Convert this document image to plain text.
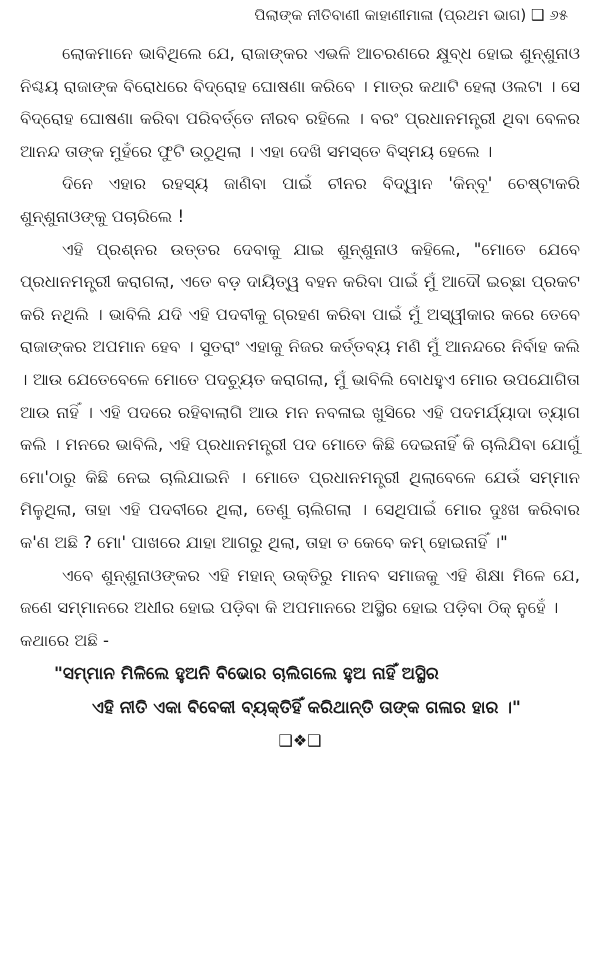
ପିଲାଙ୍କ ନୀତିବାଣୀ କାହାଣୀମାଳା (ପ୍ରଥମ ଭାଗ) ❑ ୬୫

ଲୋକମାନେ ଭାବିଥିଲେ ଯେ, ରାଜାଙ୍କର ଏଭଳି ଆଚରଣରେ କ୍ଷୁବ୍ଧ ହୋଇ ଶୁନ୍‌ଶୁନାଓ ନିଶ୍ଚୟ ରାଜାଙ୍କ ବିରୋଧରେ ବିଦ୍ରୋହ ଘୋଷଣା କରିବେ । ମାତ୍ର କଥାଟି ହେଲା ଓଲଟା । ସେ ବିଦ୍ରୋହ ଘୋଷଣା କରିବା ପରିବର୍ତ୍ତେ ନୀରବ ରହିଲେ । ବରଂ ପ୍ରଧାନମନ୍ତ୍ରୀ ଥିବା ବେଳର ଆନନ୍ଦ ତାଙ୍କ ମୁହଁରେ ଫୁଟି ଉଠୁଥିଲା । ଏହା ଦେଖି ସମସ୍ତେ ବିସ୍ମୟ ହେଲେ ।

ଦିନେ ଏହାର ରହସ୍ୟ ଜାଣିବା ପାଇଁ ଚୀନର ବିଦ୍ୱାନ 'କିନ୍‌ବୂ' ଚେଷ୍ଟାକରି ଶୁନ୍‌ଶୁନାଓଙ୍କୁ ପଚାରିଲେ !

ଏହି ପ୍ରଶ୍ନର ଉତ୍ତର ଦେବାକୁ ଯାଇ ଶୁନ୍‌ଶୁନାଓ କହିଲେ, "ମୋତେ ଯେବେ ପ୍ରଧାନମନ୍ତ୍ରୀ କରାଗଲା, ଏତେ ବଡ଼ ଦାୟିତ୍ୱ ବହନ କରିବା ପାଇଁ ମୁଁ ଆଦୌ ଇଚ୍ଛା ପ୍ରକଟ କରି ନଥିଲି । ଭାବିଲି ଯଦି ଏହି ପଦବୀକୁ ଗ୍ରହଣ କରିବା ପାଇଁ ମୁଁ ଅସ୍ୱୀକାର କରେ ତେବେ ରାଜାଙ୍କର ଅପମାନ ହେବ । ସୁତରାଂ ଏହାକୁ ନିଜର କର୍ତ୍ତବ୍ୟ ମଣି ମୁଁ ଆନନ୍ଦରେ ନିର୍ବାହ କଲି । ଆଉ ଯେତେବେଳେ ମୋତେ ପଦଚ୍ୟୁତ କରାଗଲା, ମୁଁ ଭାବିଲି ବୋଧହୁଏ ମୋର ଉପଯୋଗିତା ଆଉ ନାହିଁ । ଏହି ପଦରେ ରହିବାଲାଗି ଆଉ ମନ ନବଳାଇ ଖୁସିରେ ଏହି ପଦମର୍ଯ୍ୟାଦା ତ୍ୟାଗ କଲି । ମନରେ ଭାବିଲି, ଏହି ପ୍ରଧାନମନ୍ତ୍ରୀ ପଦ ମୋତେ କିଛି ଦେଇନାହିଁ କି ଚାଲିଯିବା ଯୋଗୁଁ ମୋ'ଠାରୁ କିଛି ନେଇ ଚାଲିଯାଇନି । ମୋତେ ପ୍ରଧାନମନ୍ତ୍ରୀ ଥିଲାବେଳେ ଯେଉଁ ସମ୍ମାନ ମିଳୁଥିଲା, ତାହା ଏହି ପଦବୀରେ ଥିଲା, ତେଣୁ ଚାଲିଗଲା । ସେଥିପାଇଁ ମୋର ଦୁଃଖ କରିବାର କ'ଣ ଅଛି ? ମୋ' ପାଖରେ ଯାହା ଆଗରୁ ଥିଲା, ତାହା ତ କେବେ କମ୍ ହୋଇନାହିଁ ।"

ଏବେ ଶୁନ୍‌ଶୁନାଓଙ୍କର ଏହି ମହାନ୍ ଉକ୍ତିରୁ ମାନବ ସମାଜକୁ ଏହି ଶିକ୍ଷା ମିଳେ ଯେ, ଜଣେ ସମ୍ମାନରେ ଅଧୀର ହୋଇ ପଡ଼ିବା କି ଅପମାନରେ ଅସ୍ଥିର ହୋଇ ପଡ଼ିବା ଠିକ୍ ନୁହେଁ ।

କଥାରେ ଅଛି -

"ସମ୍ମାନ ମିଳିଲେ ହୁଅନି ବିଭୋର ଚାଲିଗଲେ ହୁଅ ନାହିଁ ଅସ୍ଥିର
ଏହି ନୀତି ଏକା ବିବେକୀ ବ୍ୟକ୍ତିହିଁ କରିଥାନ୍ତି ତାଙ୍କ ଗଳାର ହାର ।"

❑❖❑
